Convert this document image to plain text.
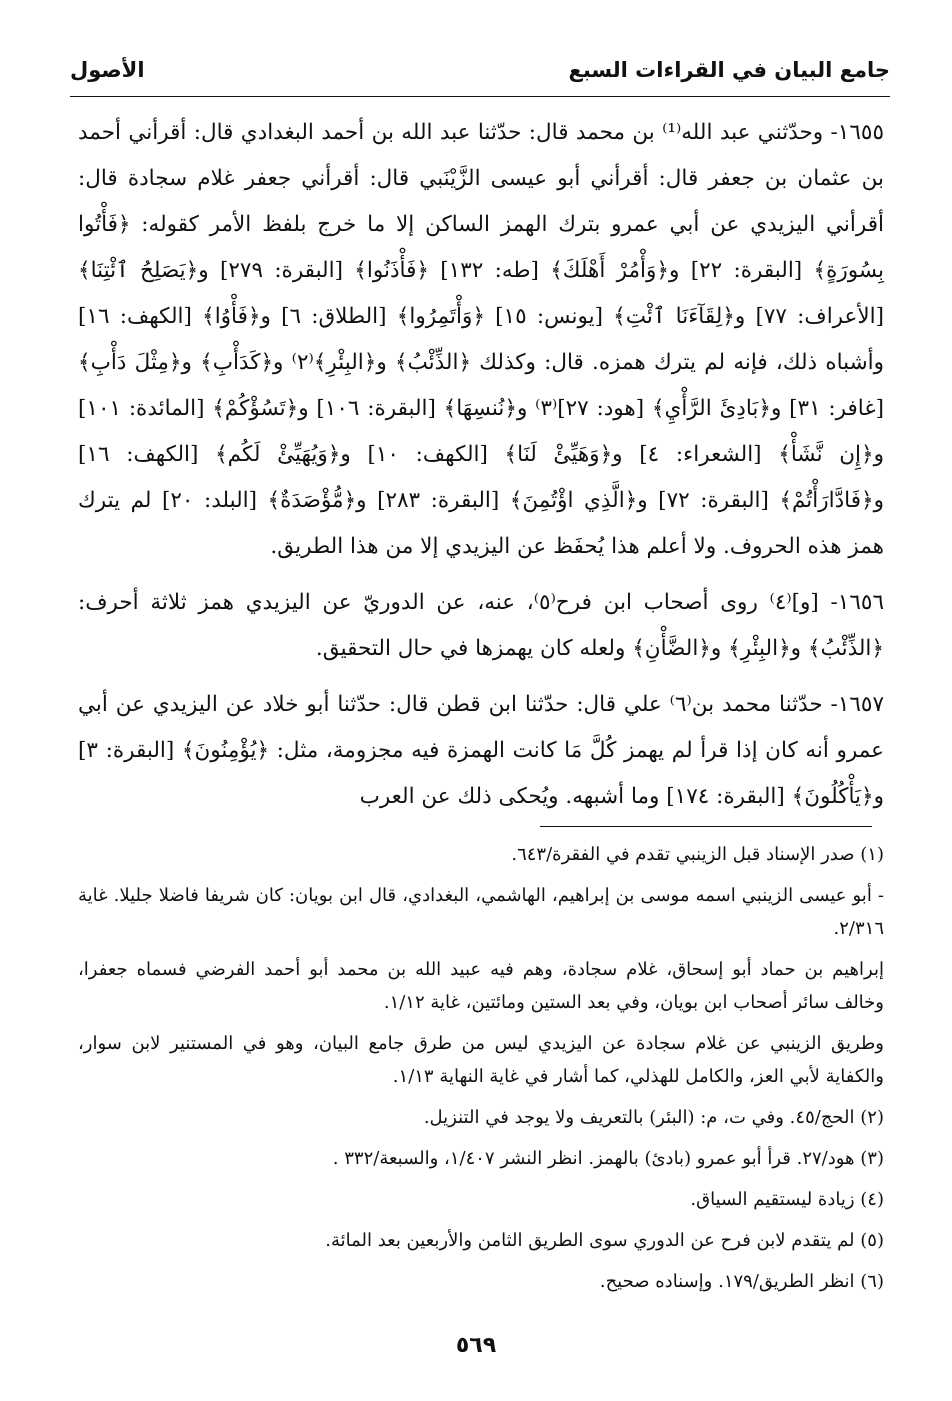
جامع البيان في القراءات السبع
الأصول

١٦٥٥- وحدّثني عبد الله⁽¹⁾ بن محمد قال: حدّثنا عبد الله بن أحمد البغدادي قال: أقرأني أحمد بن عثمان بن جعفر قال: أقرأني أبو عيسى الزَّيْنَبي قال: أقرأني جعفر غلام سجادة قال: أقرأني اليزيدي عن أبي عمرو بترك الهمز الساكن إلا ما خرج بلفظ الأمر كقوله: ﴿فَأْتُوا بِسُورَةٍ﴾ [البقرة: ٢٢] و﴿وَأْمُرْ أَهْلَكَ﴾ [طه: ١٣٢] ﴿فَأْذَنُوا﴾ [البقرة: ٢٧٩] و﴿يَصَلِحُ ٱئْتِنَا﴾ [الأعراف: ٧٧] و﴿لِقَآءَنَا ٱئْتِ﴾ [يونس: ١٥] ﴿وَأْتَمِرُوا﴾ [الطلاق: ٦] و﴿فَأْوُا﴾ [الكهف: ١٦] وأشباه ذلك، فإنه لم يترك همزه. قال: وكذلك ﴿الذِّئْبُ﴾ و﴿البِئْرِ﴾⁽٢⁾ و﴿كَدَأْبِ﴾ و﴿مِثْلَ دَأْبِ﴾ [غافر: ٣١] و﴿بَادِئَ الرَّأْيِ﴾ [هود: ٢٧]⁽٣⁾ و﴿نُنسِهَا﴾ [البقرة: ١٠٦] و﴿تَسُؤْكُمْ﴾ [المائدة: ١٠١] و﴿إِن نَّشَأْ﴾ [الشعراء: ٤] و﴿وَهَيِّئْ لَنَا﴾ [الكهف: ١٠] و﴿وَيُهَيِّئْ لَكُم﴾ [الكهف: ١٦] و﴿فَادَّارَأْتُمْ﴾ [البقرة: ٧٢] و﴿الَّذِي اؤْتُمِنَ﴾ [البقرة: ٢٨٣] و﴿مُّؤْصَدَةٌ﴾ [البلد: ٢٠] لم يترك همز هذه الحروف. ولا أعلم هذا يُحفَظ عن اليزيدي إلا من هذا الطريق.

١٦٥٦- [و]⁽٤⁾ روى أصحاب ابن فرح⁽٥⁾، عنه، عن الدوريّ عن اليزيدي همز ثلاثة أحرف: ﴿الذِّئْبُ﴾ و﴿البِئْرِ﴾ و﴿الضَّأْنِ﴾ ولعله كان يهمزها في حال التحقيق.

١٦٥٧- حدّثنا محمد بن⁽٦⁾ علي قال: حدّثنا ابن قطن قال: حدّثنا أبو خلاد عن اليزيدي عن أبي عمرو أنه كان إذا قرأ لم يهمز كُلَّ مَا كانت الهمزة فيه مجزومة، مثل: ﴿يُؤْمِنُونَ﴾ [البقرة: ٣] و﴿يَأْكُلُونَ﴾ [البقرة: ١٧٤] وما أشبهه. ويُحكى ذلك عن العرب

(١) صدر الإسناد قبل الزينبي تقدم في الفقرة/٦٤٣.

- أبو عيسى الزينبي اسمه موسى بن إبراهيم، الهاشمي، البغدادي، قال ابن بويان: كان شريفا فاضلا جليلا. غاية ٢/٣١٦.

إبراهيم بن حماد أبو إسحاق، غلام سجادة، وهم فيه عبيد الله بن محمد أبو أحمد الفرضي فسماه جعفرا، وخالف سائر أصحاب ابن بويان، وفي بعد الستين ومائتين، غاية ١/١٢.

وطريق الزينبي عن غلام سجادة عن اليزيدي ليس من طرق جامع البيان، وهو في المستنير لابن سوار، والكفاية لأبي العز، والكامل للهذلي، كما أشار في غاية النهاية ١/١٣.

(٢) الحج/٤٥. وفي ت، م: (البئر) بالتعريف ولا يوجد في التنزيل.

(٣) هود/٢٧. قرأ أبو عمرو (بادئ) بالهمز. انظر النشر ١/٤٠٧، والسبعة/٣٣٢ .

(٤) زيادة ليستقيم السياق.

(٥) لم يتقدم لابن فرح عن الدوري سوى الطريق الثامن والأربعين بعد المائة.

(٦) انظر الطريق/١٧٩. وإسناده صحيح.

٥٦٩
